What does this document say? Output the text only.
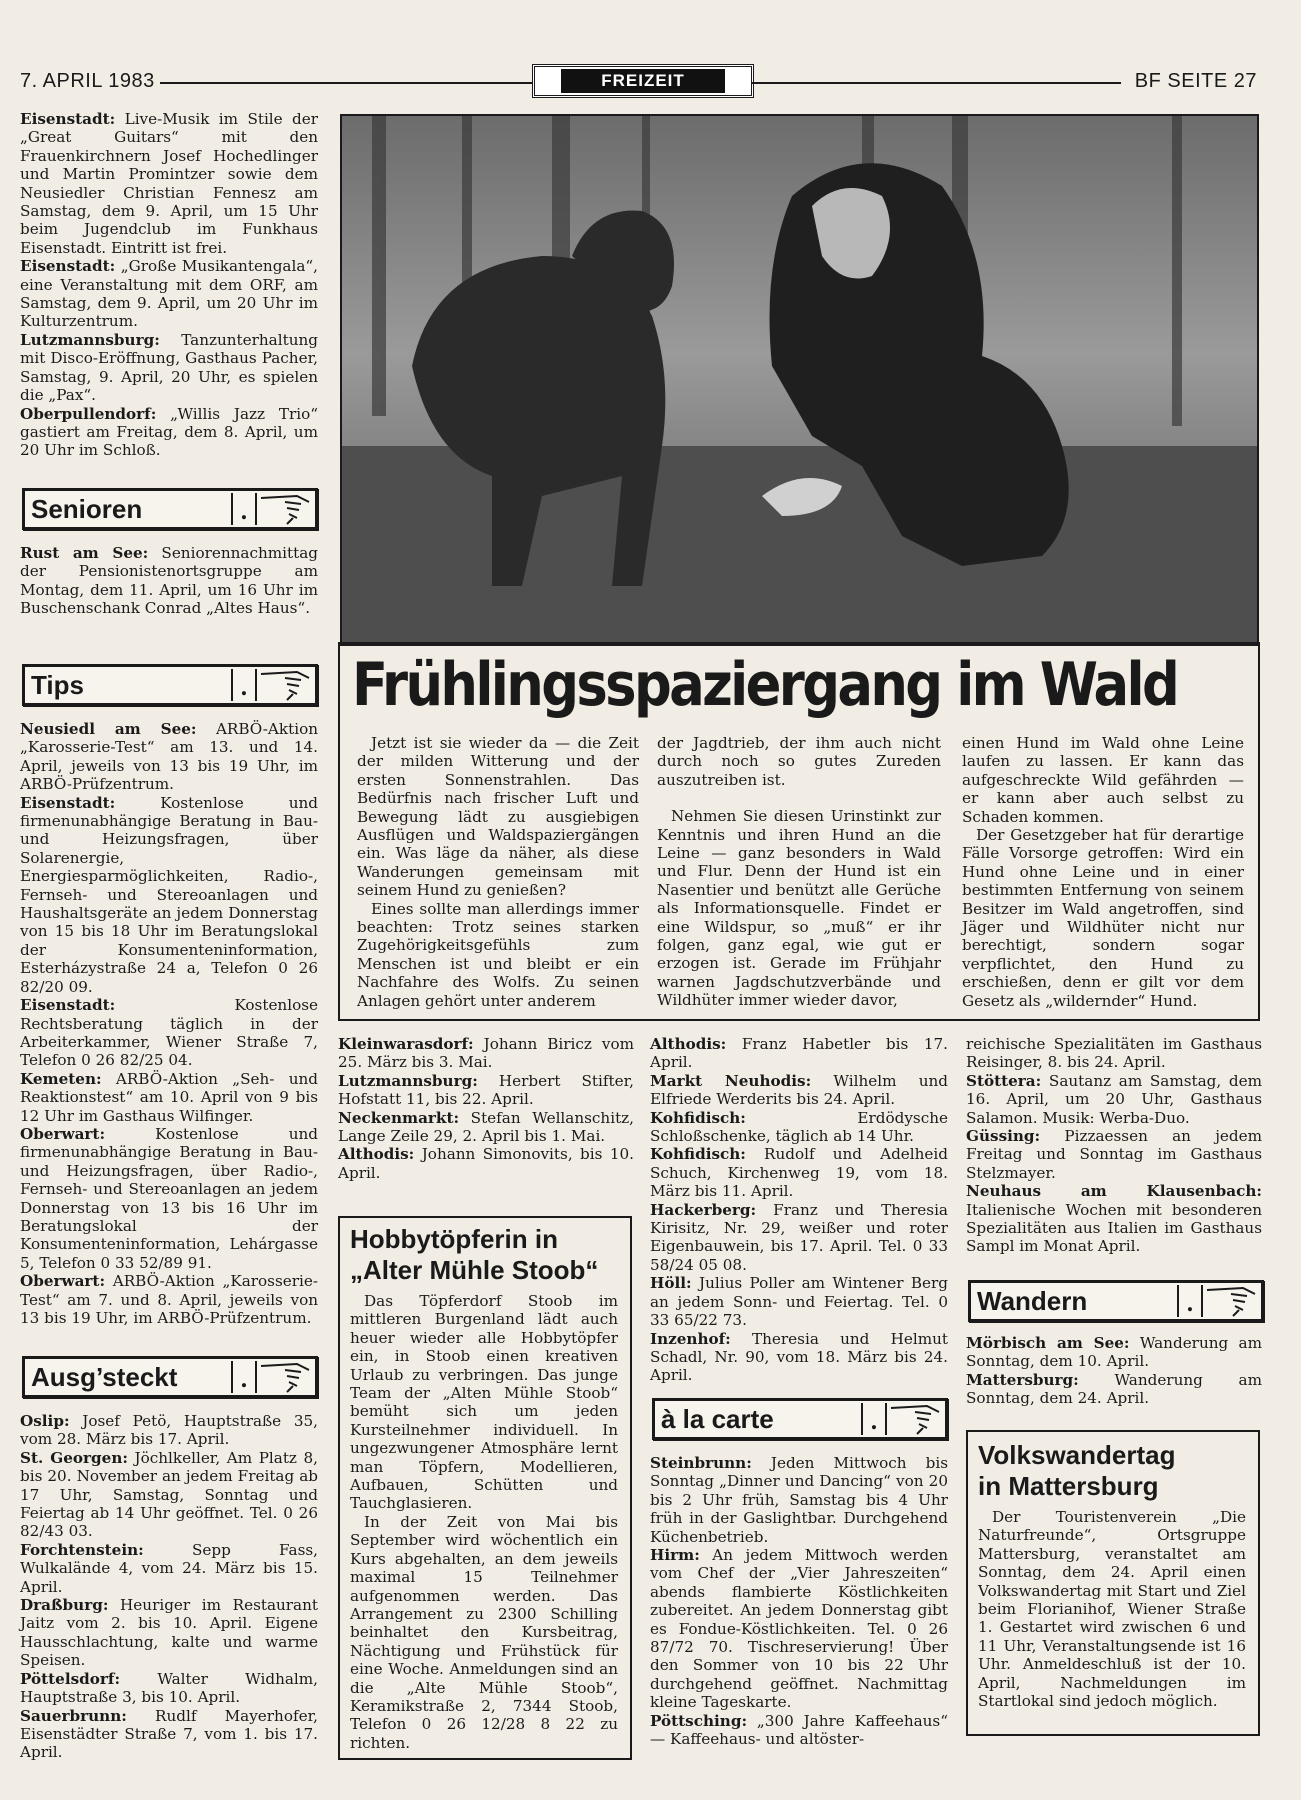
7. APRIL 1983	FREIZEIT	BF SEITE 27

Eisenstadt: Live-Musik im Stile der „Great Guitars“ mit den Frauenkirchnern Josef Hochedlinger und Martin Promintzer sowie dem Neusiedler Christian Fennesz am Samstag, dem 9. April, um 15 Uhr beim Jugendclub im Funkhaus Eisenstadt. Eintritt ist frei.

Eisenstadt: „Große Musikantengala“, eine Veranstaltung mit dem ORF, am Samstag, dem 9. April, um 20 Uhr im Kulturzentrum.

Lutzmannsburg: Tanzunterhaltung mit Disco-Eröffnung, Gasthaus Pacher, Samstag, 9. April, 20 Uhr, es spielen die „Pax“.

Oberpullendorf: „Willis Jazz Trio“ gastiert am Freitag, dem 8. April, um 20 Uhr im Schloß.

Senioren	.

Rust am See: Seniorennachmittag der Pensionistenortsgruppe am Montag, dem 11. April, um 16 Uhr im Buschenschank Conrad „Altes Haus“.

Tips	.

Neusiedl am See: ARBÖ-Aktion „Karosserie-Test“ am 13. und 14. April, jeweils von 13 bis 19 Uhr, im ARBÖ-Prüfzentrum.

Eisenstadt: Kostenlose und firmenunabhängige Beratung in Bau- und Heizungsfragen, über Solarenergie, Energiesparmöglichkeiten, Radio-, Fernseh- und Stereoanlagen und Haushaltsgeräte an jedem Donnerstag von 15 bis 18 Uhr im Beratungslokal der Konsumenteninformation, Esterházystraße 24 a, Telefon 0 26 82/20 09.

Eisenstadt: Kostenlose Rechtsberatung täglich in der Arbeiterkammer, Wiener Straße 7, Telefon 0 26 82/25 04.

Kemeten: ARBÖ-Aktion „Seh- und Reaktionstest“ am 10. April von 9 bis 12 Uhr im Gasthaus Wilfinger.

Oberwart: Kostenlose und firmenunabhängige Beratung in Bau- und Heizungsfragen, über Radio-, Fernseh- und Stereoanlagen an jedem Donnerstag von 13 bis 16 Uhr im Beratungslokal der Konsumenteninformation, Lehárgasse 5, Telefon 0 33 52/89 91.

Oberwart: ARBÖ-Aktion „Karosserie-Test“ am 7. und 8. April, jeweils von 13 bis 19 Uhr, im ARBÖ-Prüfzentrum.

Ausg’steckt	.

Oslip: Josef Petö, Hauptstraße 35, vom 28. März bis 17. April.

St. Georgen: Jöchlkeller, Am Platz 8, bis 20. November an jedem Freitag ab 17 Uhr, Samstag, Sonntag und Feiertag ab 14 Uhr geöffnet. Tel. 0 26 82/43 03.

Forchtenstein: Sepp Fass, Wulkalände 4, vom 24. März bis 15. April.

Draßburg: Heuriger im Restaurant Jaitz vom 2. bis 10. April. Eigene Hausschlachtung, kalte und warme Speisen.

Pöttelsdorf: Walter Widhalm, Hauptstraße 3, bis 10. April.

Sauerbrunn: Rudlf Mayerhofer, Eisenstädter Straße 7, vom 1. bis 17. April.

Frühlingsspaziergang im Wald

Jetzt ist sie wieder da — die Zeit der milden Witterung und der ersten Sonnenstrahlen. Das Bedürfnis nach frischer Luft und Bewegung lädt zu ausgiebigen Ausflügen und Waldspaziergängen ein. Was läge da näher, als diese Wanderungen gemeinsam mit seinem Hund zu genießen?

Eines sollte man allerdings immer beachten: Trotz seines starken Zugehörigkeitsgefühls zum Menschen ist und bleibt er ein Nachfahre des Wolfs. Zu seinen Anlagen gehört unter anderem

der Jagdtrieb, der ihm auch nicht durch noch so gutes Zureden auszutreiben ist.

Nehmen Sie diesen Urinstinkt zur Kenntnis und ihren Hund an die Leine — ganz besonders in Wald und Flur. Denn der Hund ist ein Nasentier und benützt alle Gerüche als Informationsquelle. Findet er eine Wildspur, so „muß“ er ihr folgen, ganz egal, wie gut er erzogen ist. Gerade im Frühjahr warnen Jagdschutzverbände und Wildhüter immer wieder davor,

einen Hund im Wald ohne Leine laufen zu lassen. Er kann das aufgeschreckte Wild gefährden — er kann aber auch selbst zu Schaden kommen.

Der Gesetzgeber hat für derartige Fälle Vorsorge getroffen: Wird ein Hund ohne Leine und in einer bestimmten Entfernung von seinem Besitzer im Wald angetroffen, sind Jäger und Wildhüter nicht nur berechtigt, sondern sogar verpflichtet, den Hund zu erschießen, denn er gilt vor dem Gesetz als „wildernder“ Hund.

Kleinwarasdorf: Johann Biricz vom 25. März bis 3. Mai.

Lutzmannsburg: Herbert Stifter, Hofstatt 11, bis 22. April.

Neckenmarkt: Stefan Wellanschitz, Lange Zeile 29, 2. April bis 1. Mai.

Althodis: Johann Simonovits, bis 10. April.

Hobbytöpferin in
„Alter Mühle Stoob“

Das Töpferdorf Stoob im mittleren Burgenland lädt auch heuer wieder alle Hobbytöpfer ein, in Stoob einen kreativen Urlaub zu verbringen. Das junge Team der „Alten Mühle Stoob“ bemüht sich um jeden Kursteilnehmer individuell. In ungezwungener Atmosphäre lernt man Töpfern, Modellieren, Aufbauen, Schütten und Tauchglasieren.

In der Zeit von Mai bis September wird wöchentlich ein Kurs abgehalten, an dem jeweils maximal 15 Teilnehmer aufgenommen werden. Das Arrangement zu 2300 Schilling beinhaltet den Kursbeitrag, Nächtigung und Frühstück für eine Woche. Anmeldungen sind an die „Alte Mühle Stoob“, Keramikstraße 2, 7344 Stoob, Telefon 0 26 12/28 8 22 zu richten.

Althodis: Franz Habetler bis 17. April.

Markt Neuhodis: Wilhelm und Elfriede Werderits bis 24. April.

Kohfidisch: Erdödysche Schloßschenke, täglich ab 14 Uhr.

Kohfidisch: Rudolf und Adelheid Schuch, Kirchenweg 19, vom 18. März bis 11. April.

Hackerberg: Franz und Theresia Kirisitz, Nr. 29, weißer und roter Eigenbauwein, bis 17. April. Tel. 0 33 58/24 05 08.

Höll: Julius Poller am Wintener Berg an jedem Sonn- und Feiertag. Tel. 0 33 65/22 73.

Inzenhof: Theresia und Helmut Schadl, Nr. 90, vom 18. März bis 24. April.

à la carte	.

Steinbrunn: Jeden Mittwoch bis Sonntag „Dinner und Dancing“ von 20 bis 2 Uhr früh, Samstag bis 4 Uhr früh in der Gaslightbar. Durchgehend Küchenbetrieb.

Hirm: An jedem Mittwoch werden vom Chef der „Vier Jahreszeiten“ abends flambierte Köstlichkeiten zubereitet. An jedem Donnerstag gibt es Fondue-Köstlichkeiten. Tel. 0 26 87/72 70. Tischreservierung! Über den Sommer von 10 bis 22 Uhr durchgehend geöffnet. Nachmittag kleine Tageskarte.

Pöttsching: „300 Jahre Kaffeehaus“ — Kaffeehaus- und altöster-

reichische Spezialitäten im Gasthaus Reisinger, 8. bis 24. April.

Stöttera: Sautanz am Samstag, dem 16. April, um 20 Uhr, Gasthaus Salamon. Musik: Werba-Duo.

Güssing: Pizzaessen an jedem Freitag und Sonntag im Gasthaus Stelzmayer.

Neuhaus am Klausenbach: Italienische Wochen mit besonderen Spezialitäten aus Italien im Gasthaus Sampl im Monat April.

Wandern	.

Mörbisch am See: Wanderung am Sonntag, dem 10. April.

Mattersburg: Wanderung am Sonntag, dem 24. April.

Volkswandertag
in Mattersburg

Der Touristenverein „Die Naturfreunde“, Ortsgruppe Mattersburg, veranstaltet am Sonntag, dem 24. April einen Volkswandertag mit Start und Ziel beim Florianihof, Wiener Straße 1. Gestartet wird zwischen 6 und 11 Uhr, Veranstaltungsende ist 16 Uhr. Anmeldeschluß ist der 10. April, Nachmeldungen im Startlokal sind jedoch möglich.
